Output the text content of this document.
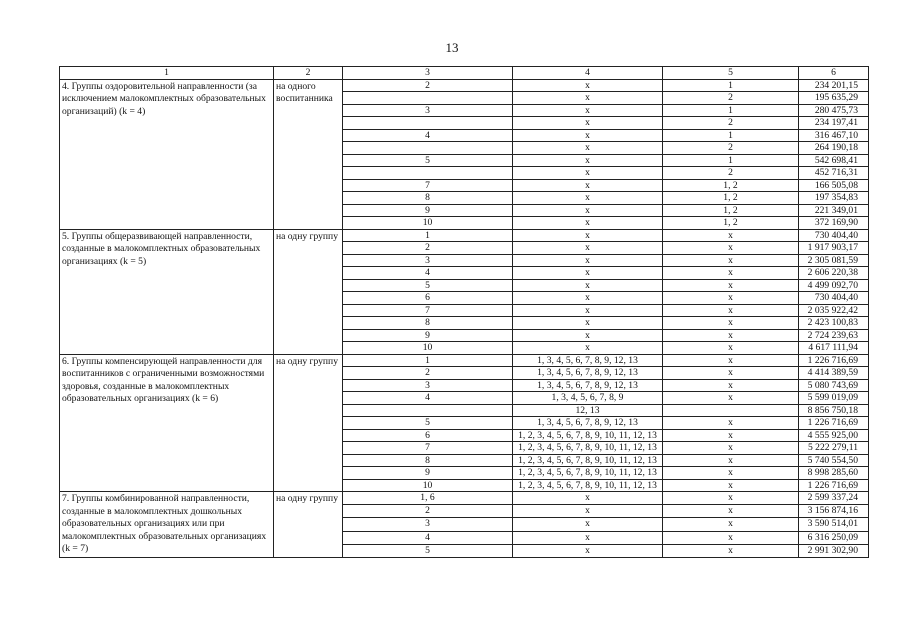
13
1	2	3	4	5	6
4. Группы оздоровительной направленности (за исключением малокомплектных образовательных организаций) (k = 4)	на одного воспитанника	2	х	1	234 201,15
			х	2	195 635,29
		3	х	1	280 475,73
			х	2	234 197,41
		4	х	1	316 467,10
			х	2	264 190,18
		5	х	1	542 698,41
			х	2	452 716,31
		7	х	1, 2	166 505,08
		8	х	1, 2	197 354,83
		9	х	1, 2	221 349,01
		10	х	1, 2	372 169,90
5. Группы общеразвивающей направленности, созданные в малокомплектных образовательных организациях (k = 5)	на одну группу	1	х	х	730 404,40
		2	х	х	1 917 903,17
		3	х	х	2 305 081,59
		4	х	х	2 606 220,38
		5	х	х	4 499 092,70
		6	х	х	730 404,40
		7	х	х	2 035 922,42
		8	х	х	2 423 100,83
		9	х	х	2 724 239,63
		10	х	х	4 617 111,94
6. Группы компенсирующей направленности для воспитанников с ограниченными возможностями здоровья, созданные в малокомплектных образовательных организациях (k = 6)	на одну группу	1	1, 3, 4, 5, 6, 7, 8, 9, 12, 13	х	1 226 716,69
		2	1, 3, 4, 5, 6, 7, 8, 9, 12, 13	х	4 414 389,59
		3	1, 3, 4, 5, 6, 7, 8, 9, 12, 13	х	5 080 743,69
		4	1, 3, 4, 5, 6, 7, 8, 9	х	5 599 019,09
			12, 13		8 856 750,18
		5	1, 3, 4, 5, 6, 7, 8, 9, 12, 13	х	1 226 716,69
		6	1, 2, 3, 4, 5, 6, 7, 8, 9, 10, 11, 12, 13	х	4 555 925,00
		7	1, 2, 3, 4, 5, 6, 7, 8, 9, 10, 11, 12, 13	х	5 222 279,11
		8	1, 2, 3, 4, 5, 6, 7, 8, 9, 10, 11, 12, 13	х	5 740 554,50
		9	1, 2, 3, 4, 5, 6, 7, 8, 9, 10, 11, 12, 13	х	8 998 285,60
		10	1, 2, 3, 4, 5, 6, 7, 8, 9, 10, 11, 12, 13	х	1 226 716,69
7. Группы комбинированной направленности, созданные в малокомплектных дошкольных образовательных организациях или при малокомплектных образовательных организациях (k = 7)	на одну группу	1, 6	х	х	2 599 337,24
		2	х	х	3 156 874,16
		3	х	х	3 590 514,01
		4	х	х	6 316 250,09
		5	х	х	2 991 302,90
